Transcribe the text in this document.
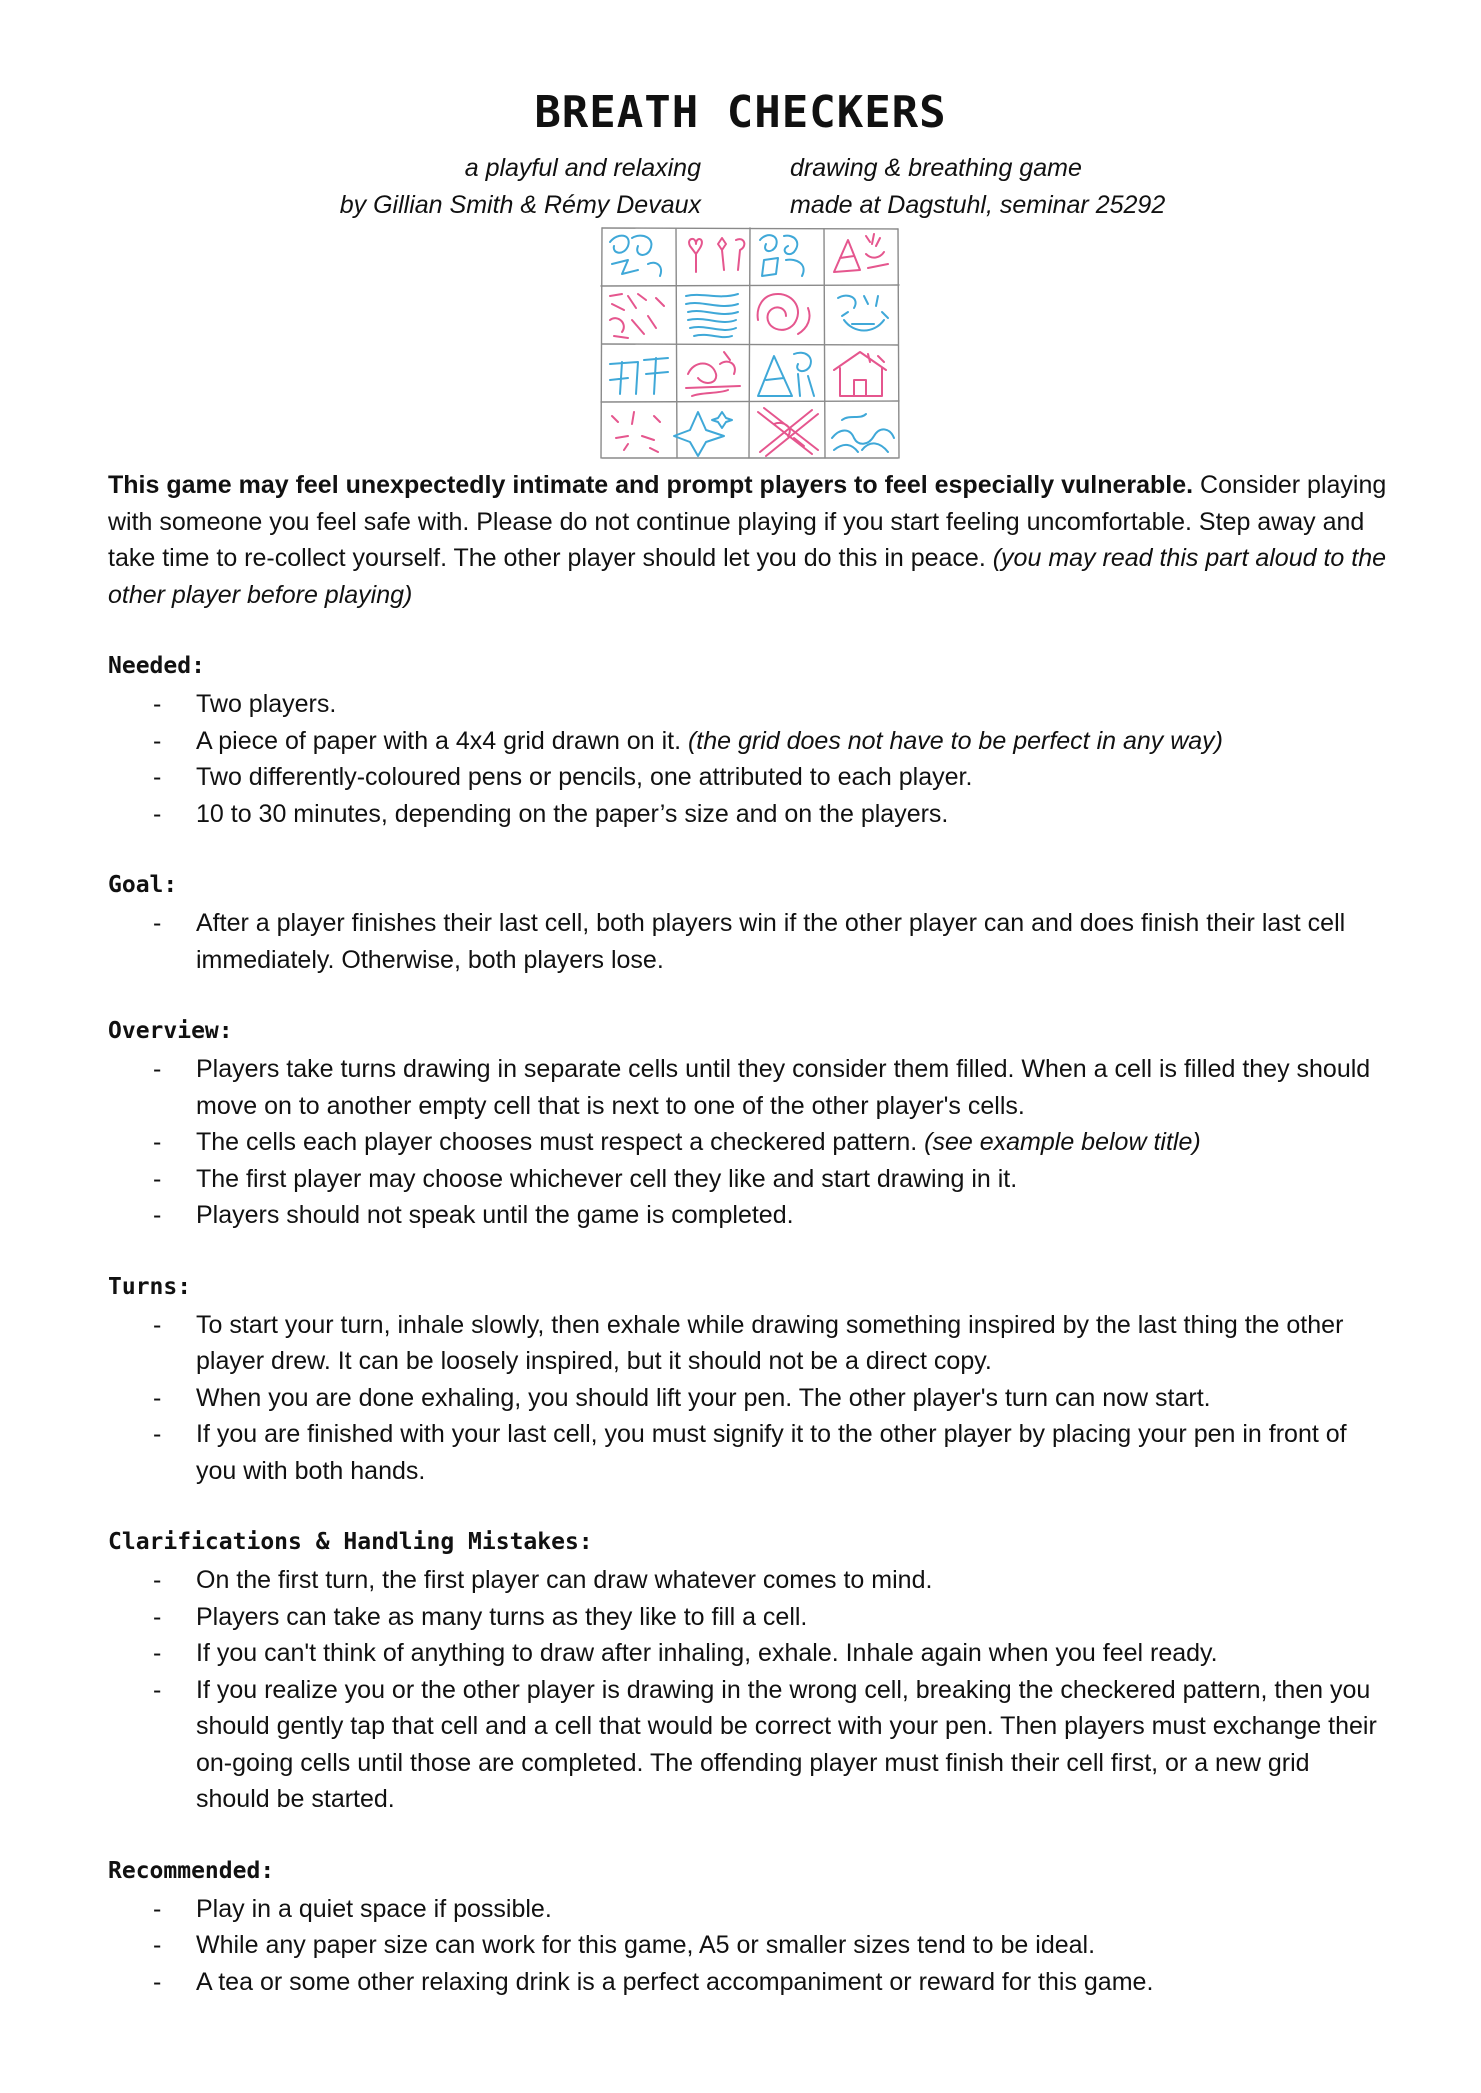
BREATH CHECKERS
a playful and relaxing	drawing & breathing game
by Gillian Smith & Rémy Devaux	made at Dagstuhl, seminar 25292

This game may feel unexpectedly intimate and prompt players to feel especially vulnerable. Consider playing with someone you feel safe with. Please do not continue playing if you start feeling uncomfortable. Step away and take time to re-collect yourself. The other player should let you do this in peace. (you may read this part aloud to the other player before playing)

Needed:
- Two players.
- A piece of paper with a 4x4 grid drawn on it. (the grid does not have to be perfect in any way)
- Two differently-coloured pens or pencils, one attributed to each player.
- 10 to 30 minutes, depending on the paper’s size and on the players.
Goal:
- After a player finishes their last cell, both players win if the other player can and does finish their last cell immediately. Otherwise, both players lose.
Overview:
- Players take turns drawing in separate cells until they consider them filled. When a cell is filled they should move on to another empty cell that is next to one of the other player's cells.
- The cells each player chooses must respect a checkered pattern. (see example below title)
- The first player may choose whichever cell they like and start drawing in it.
- Players should not speak until the game is completed.
Turns:
- To start your turn, inhale slowly, then exhale while drawing something inspired by the last thing the other player drew. It can be loosely inspired, but it should not be a direct copy.
- When you are done exhaling, you should lift your pen. The other player's turn can now start.
- If you are finished with your last cell, you must signify it to the other player by placing your pen in front of you with both hands.
Clarifications & Handling Mistakes:
- On the first turn, the first player can draw whatever comes to mind.
- Players can take as many turns as they like to fill a cell.
- If you can't think of anything to draw after inhaling, exhale. Inhale again when you feel ready.
- If you realize you or the other player is drawing in the wrong cell, breaking the checkered pattern, then you should gently tap that cell and a cell that would be correct with your pen. Then players must exchange their on-going cells until those are completed. The offending player must finish their cell first, or a new grid should be started.
Recommended:
- Play in a quiet space if possible.
- While any paper size can work for this game, A5 or smaller sizes tend to be ideal.
- A tea or some other relaxing drink is a perfect accompaniment or reward for this game.
